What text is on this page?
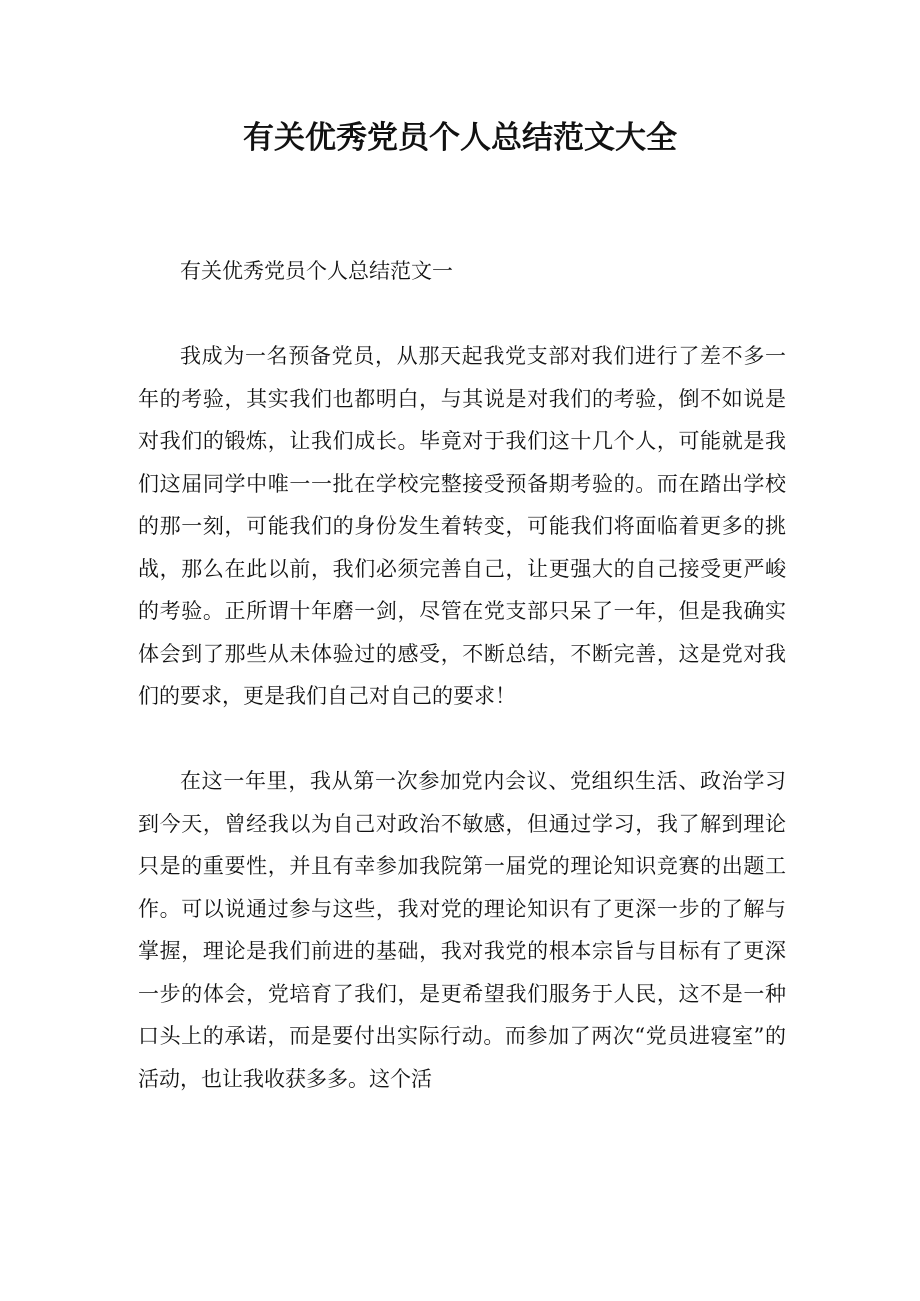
有关优秀党员个人总结范文大全

有关优秀党员个人总结范文一

我成为一名预备党员，从那天起我党支部对我们进行了差不多一年的考验，其实我们也都明白，与其说是对我们的考验，倒不如说是对我们的锻炼，让我们成长。毕竟对于我们这十几个人，可能就是我们这届同学中唯一一批在学校完整接受预备期考验的。而在踏出学校的那一刻，可能我们的身份发生着转变，可能我们将面临着更多的挑战，那么在此以前，我们必须完善自己，让更强大的自己接受更严峻的考验。正所谓十年磨一剑，尽管在党支部只呆了一年，但是我确实体会到了那些从未体验过的感受，不断总结，不断完善，这是党对我们的要求，更是我们自己对自己的要求！

在这一年里，我从第一次参加党内会议、党组织生活、政治学习到今天，曾经我以为自己对政治不敏感，但通过学习，我了解到理论只是的重要性，并且有幸参加我院第一届党的理论知识竞赛的出题工作。可以说通过参与这些，我对党的理论知识有了更深一步的了解与掌握，理论是我们前进的基础，我对我党的根本宗旨与目标有了更深一步的体会，党培育了我们，是更希望我们服务于人民，这不是一种口头上的承诺，而是要付出实际行动。而参加了两次“党员进寝室”的活动，也让我收获多多。这个活
